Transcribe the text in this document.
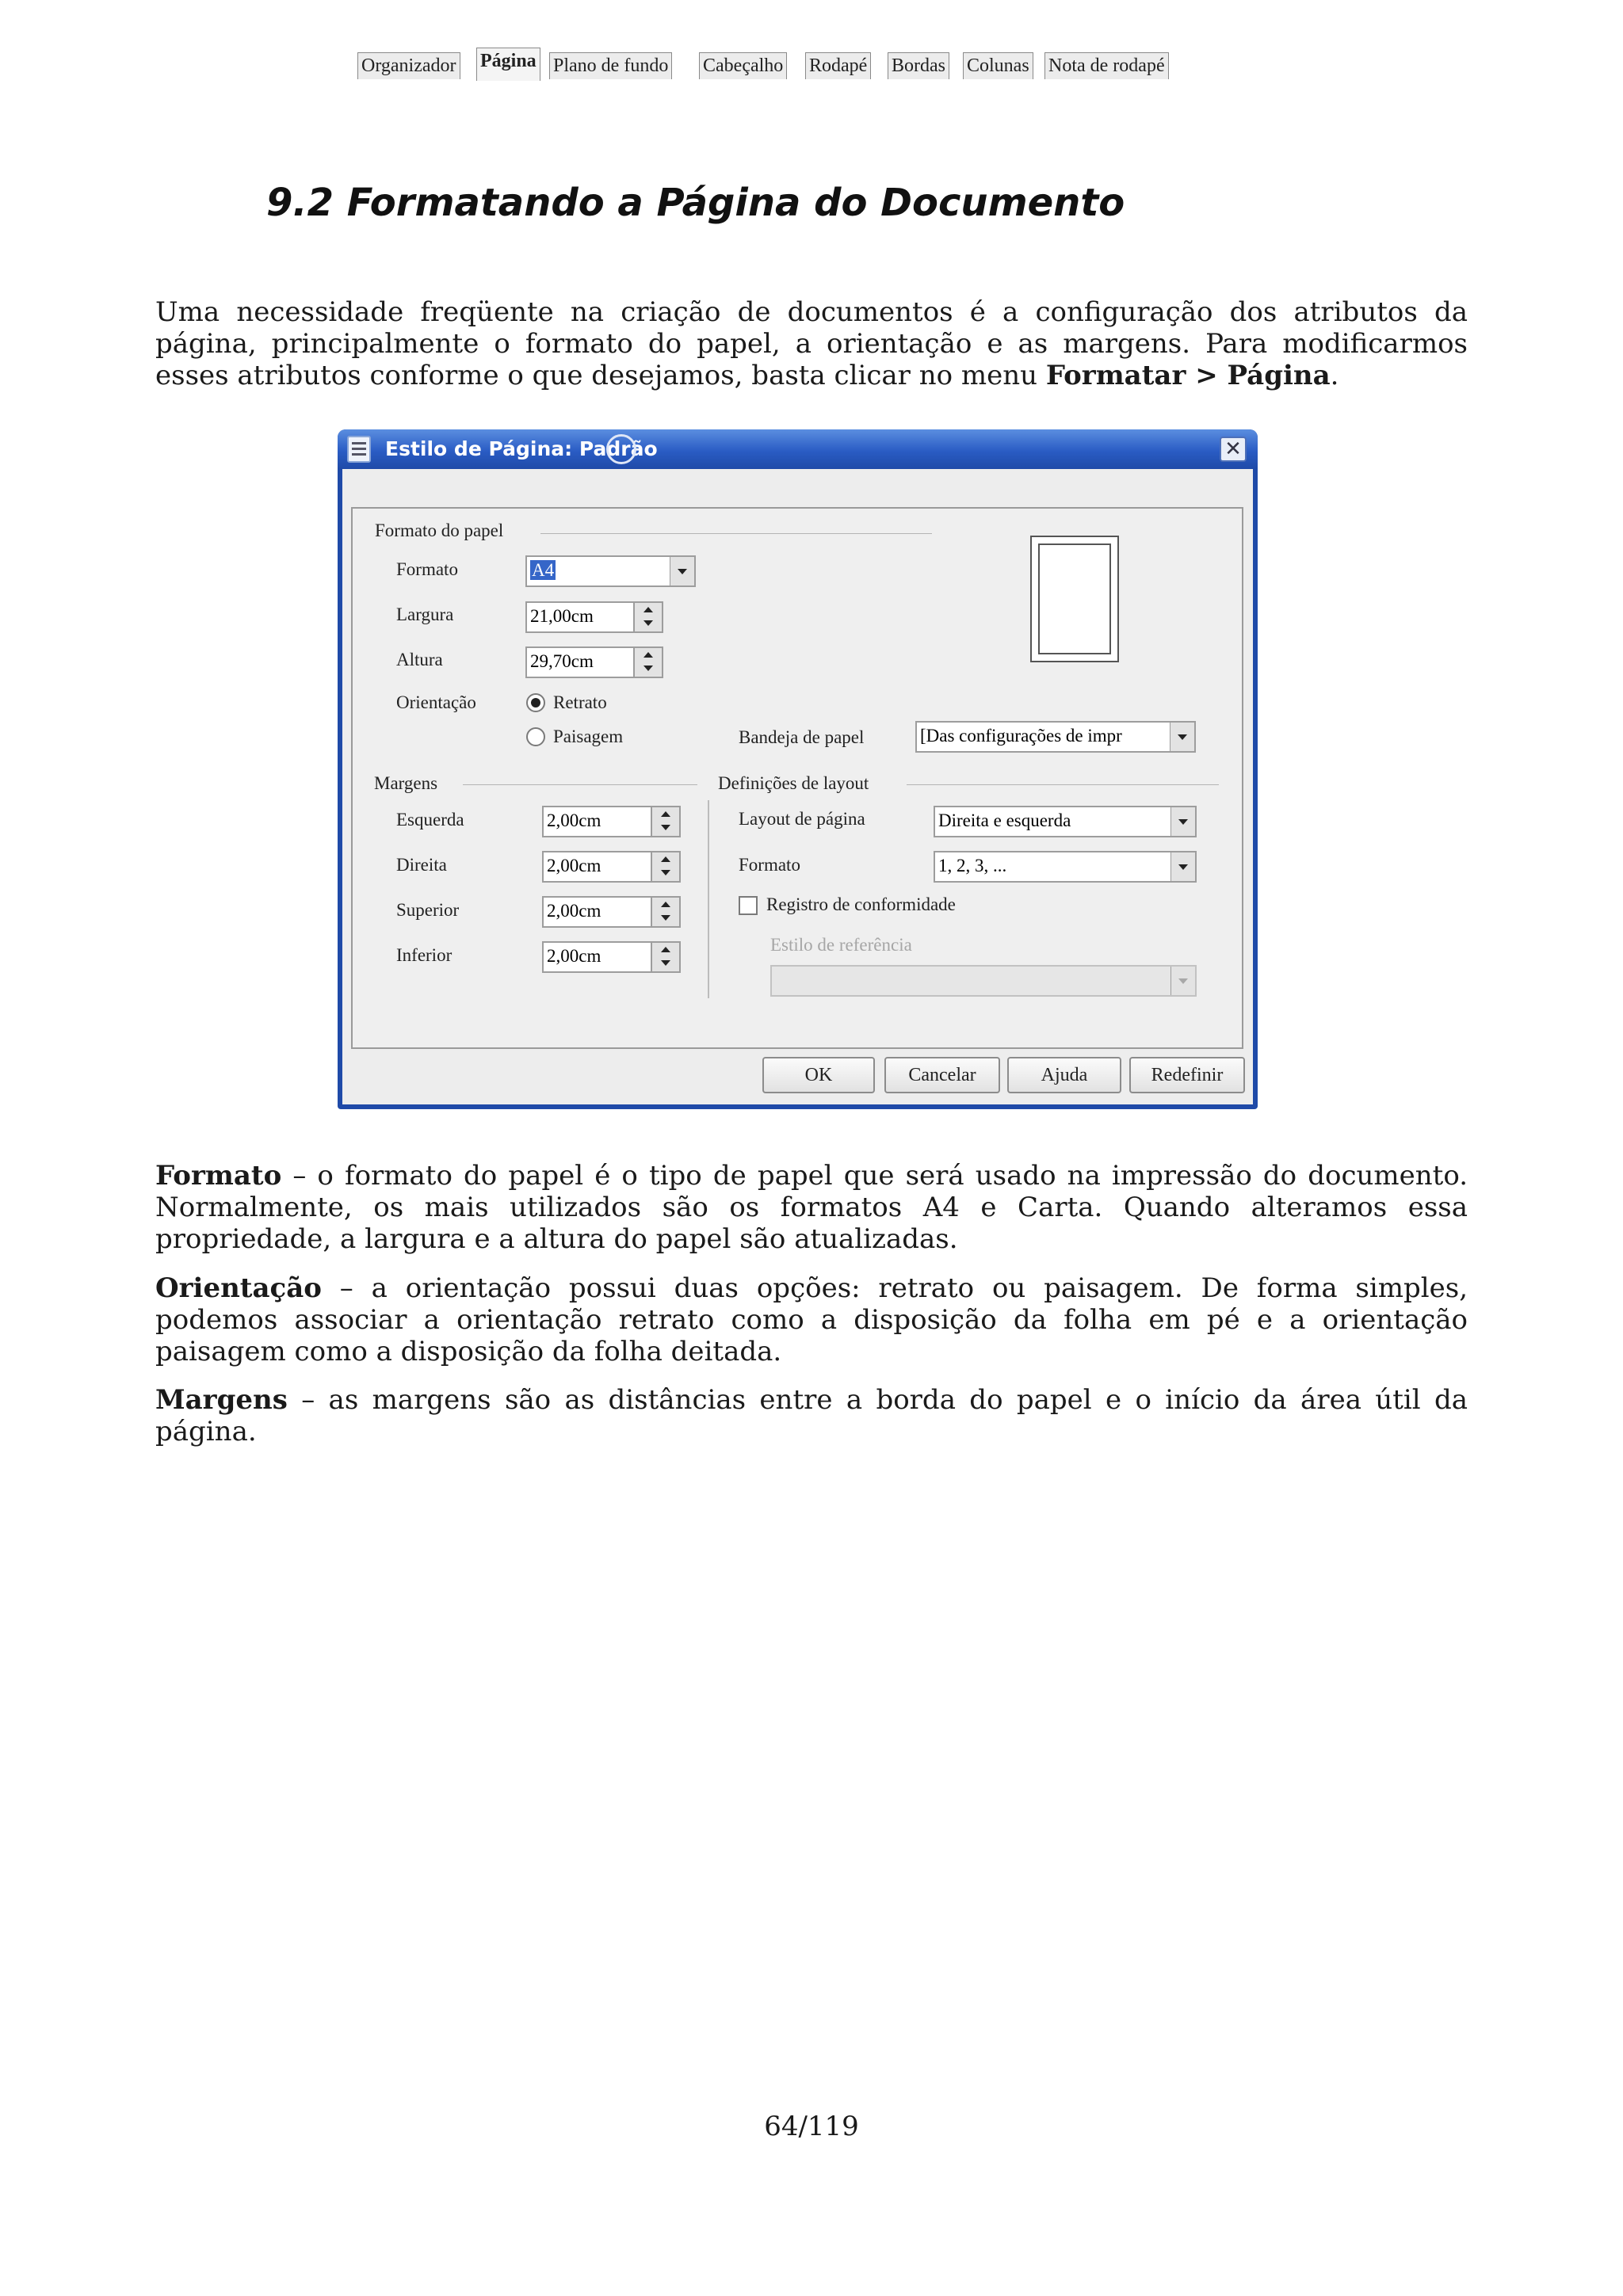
9.2 Formatando a Página do Documento

Uma necessidade freqüente na criação de documentos é a configuração dos atributos da página, principalmente o formato do papel, a orientação e as margens. Para modificarmos esses atributos conforme o que desejamos, basta clicar no menu Formatar > Página.

Estilo de Página: Padrão	✕
Organizador Página Plano de fundo Cabeçalho Rodapé Bordas Colunas Nota de rodapé
Formato do papel
Formato	A4
Largura	21,00cm
Altura	29,70cm
Orientação	Retrato
Paisagem	Bandeja de papel	[Das configurações de impr
Margens
Esquerda	2,00cm
Direita	2,00cm
Superior	2,00cm
Inferior	2,00cm
Definições de layout
Layout de página	Direita e esquerda
Formato	1, 2, 3, ...
Registro de conformidade
Estilo de referência
OK	Cancelar	Ajuda	Redefinir

Formato – o formato do papel é o tipo de papel que será usado na impressão do documento. Normalmente, os mais utilizados são os formatos A4 e Carta. Quando alteramos essa propriedade, a largura e a altura do papel são atualizadas.

Orientação – a orientação possui duas opções: retrato ou paisagem. De forma simples, podemos associar a orientação retrato como a disposição da folha em pé e a orientação paisagem como a disposição da folha deitada.

Margens – as margens são as distâncias entre a borda do papel e o início da área útil da página.

64/119
